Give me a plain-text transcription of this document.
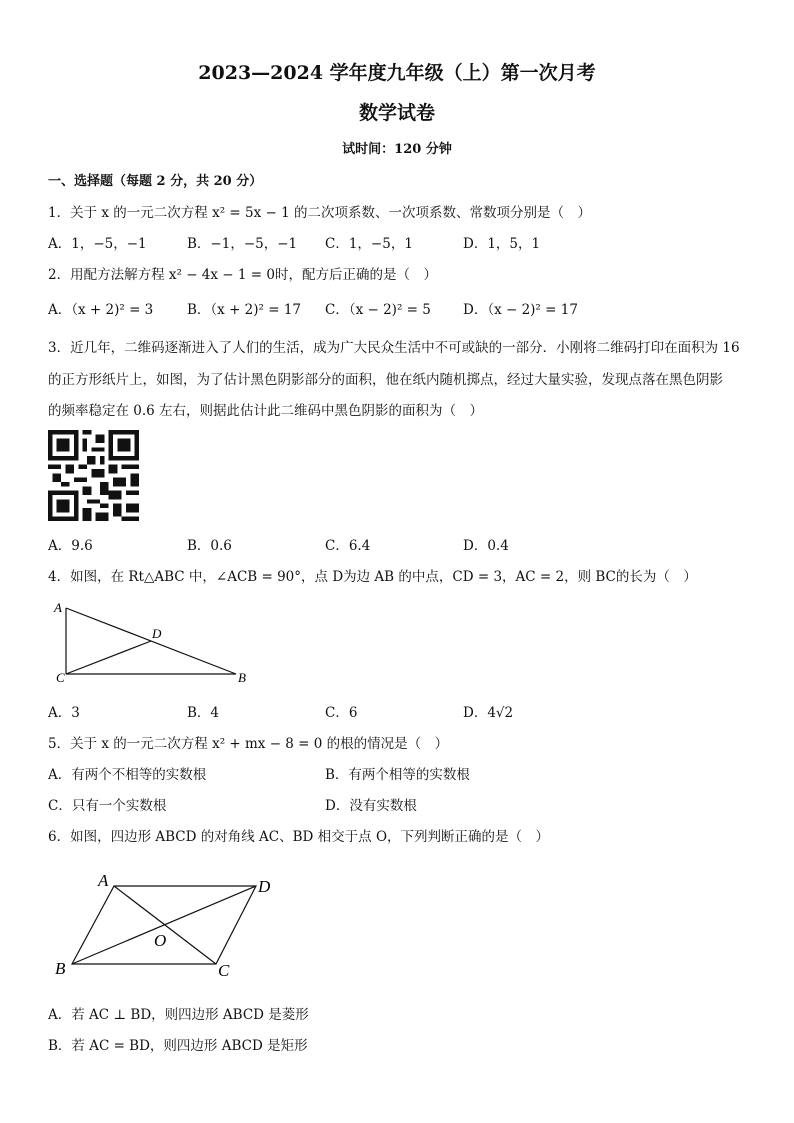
2023—2024 学年度九年级（上）第一次月考
数学试卷
试时间：120 分钟
一、选择题（每题 2 分，共 20 分）
1．关于 x 的一元二次方程 x² = 5x − 1 的二次项系数、一次项系数、常数项分别是（　）
A．1，−5，−1	B．−1，−5，−1 C．1，−5，1	D．1，5，1
2．用配方法解方程 x² − 4x − 1 = 0时，配方后正确的是（　）
A．（x + 2)² = 3 B．（x + 2)² = 17 C．（x − 2)² = 5 D．（x − 2)² = 17
3．近几年，二维码逐渐进入了人们的生活，成为广大民众生活中不可或缺的一部分．小刚将二维码打印在面积为 16
的正方形纸片上，如图，为了估计黑色阴影部分的面积，他在纸内随机掷点，经过大量实验，发现点落在黑色阴影
的频率稳定在 0.6 左右，则据此估计此二维码中黑色阴影的面积为（　）
A．9.6	B．0.6	C．6.4	D．0.4
4．如图，在 Rt△ABC 中，∠ACB = 90°，点 D为边 AB 的中点，CD = 3，AC = 2，则 BC的长为（　）
A
D
C	B
A．3	B．4	C．6	D．4√2
5．关于 x 的一元二次方程 x² + mx − 8 = 0 的根的情况是（　）
A．有两个不相等的实数根	B．有两个相等的实数根
C．只有一个实数根	D．没有实数根
6．如图，四边形 ABCD 的对角线 AC、BD 相交于点 O，下列判断正确的是（　）
A	D
O
B	C
A．若 AC ⊥ BD，则四边形 ABCD 是菱形
B．若 AC = BD，则四边形 ABCD 是矩形
